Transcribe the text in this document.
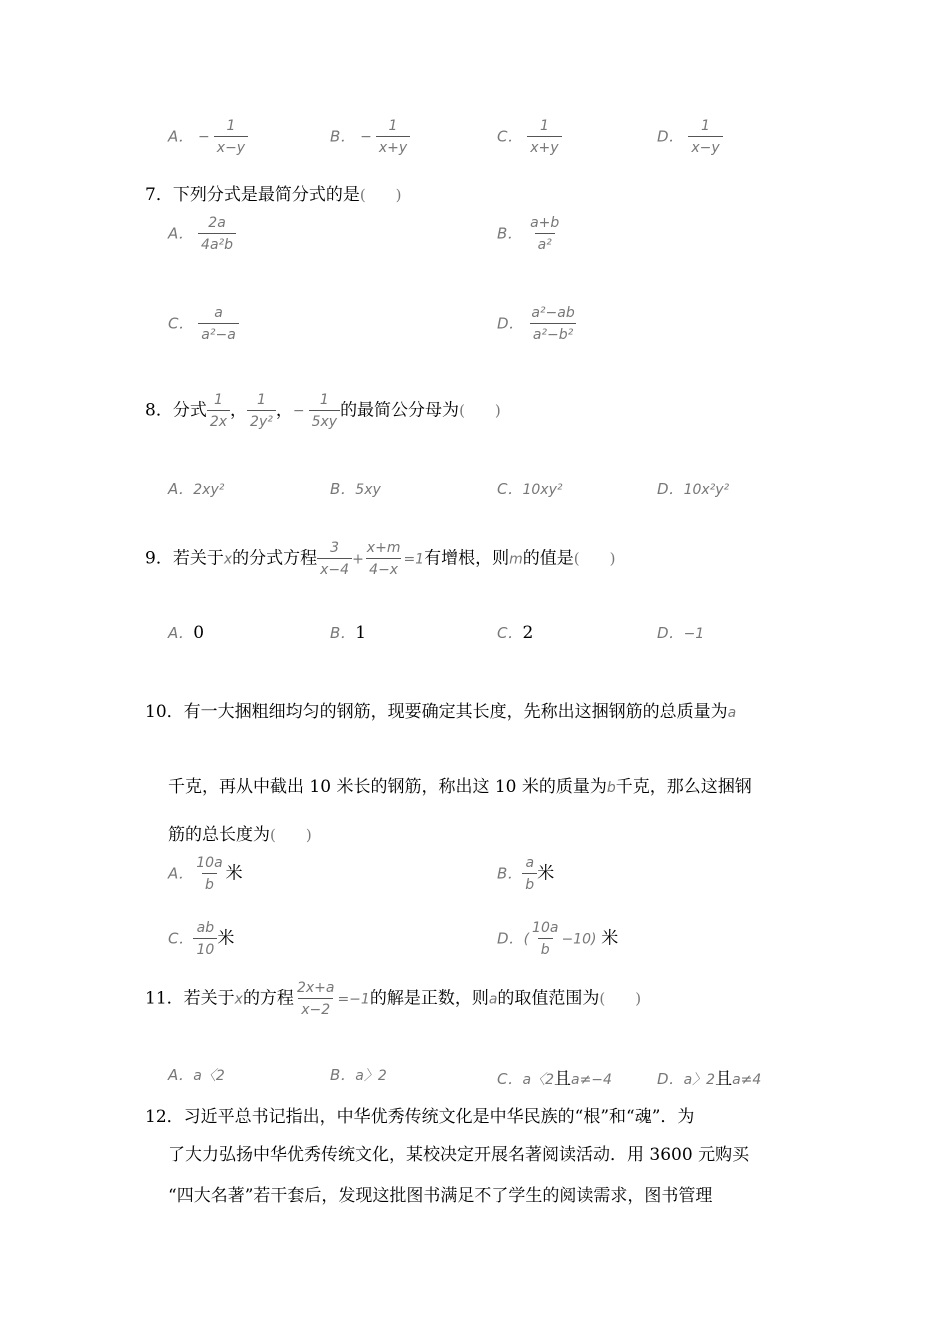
A． − $\frac{1}{x-y}$	B． − $\frac{1}{x+y}$	C． $\frac{1}{x+y}$	D． $\frac{1}{x-y}$
7．下列分式是最简分式的是(　　)
A． $\frac{2a}{\text{4a²b}}$	B． $\frac{a+b}{\text{a²}}$
C． $\frac{a}{\text{a²−a}}$	D． $\frac{\text{a²−ab}}{\text{a²−b²}}$
8．分式 $\frac{1}{2x}$ ， $\frac{1}{\text{2y²}}$ ，− $\frac{1}{5xy}$ 的最简公分母为(　　)
A．2xy²	B．5xy	C．10xy²	D．10x²y²
9．若关于x的分式方程 $\frac{3}{x-4} + \frac{x+m}{4-x} =1$有增根，则m的值是(　　)
A．0	B．1	C．2	D．−1
10．有一大捆粗细均匀的钢筋，现要确定其长度，先称出这捆钢筋的总质量为a
千克，再从中截出 10 米长的钢筋，称出这 10 米的质量为b千克，那么这捆钢
筋的总长度为(　　)
A． $\frac{10a}{b}$ 米	B． $\frac{a}{b}$ 米
C． $\frac{ab}{10}$ 米	D．( $\frac{10a}{b} -10$) 米
11．若关于x的方程 $\frac{2x+a}{x-2} =-1$的解是正数，则a的取值范围为(　　)
A．a〈2	B．a〉2	C．a〈2且a≠−4	D．a〉2且a≠4
12．习近平总书记指出，中华优秀传统文化是中华民族的“根”和“魂”．为
了大力弘扬中华优秀传统文化，某校决定开展名著阅读活动．用 3600 元购买
“四大名著”若干套后，发现这批图书满足不了学生的阅读需求，图书管理
